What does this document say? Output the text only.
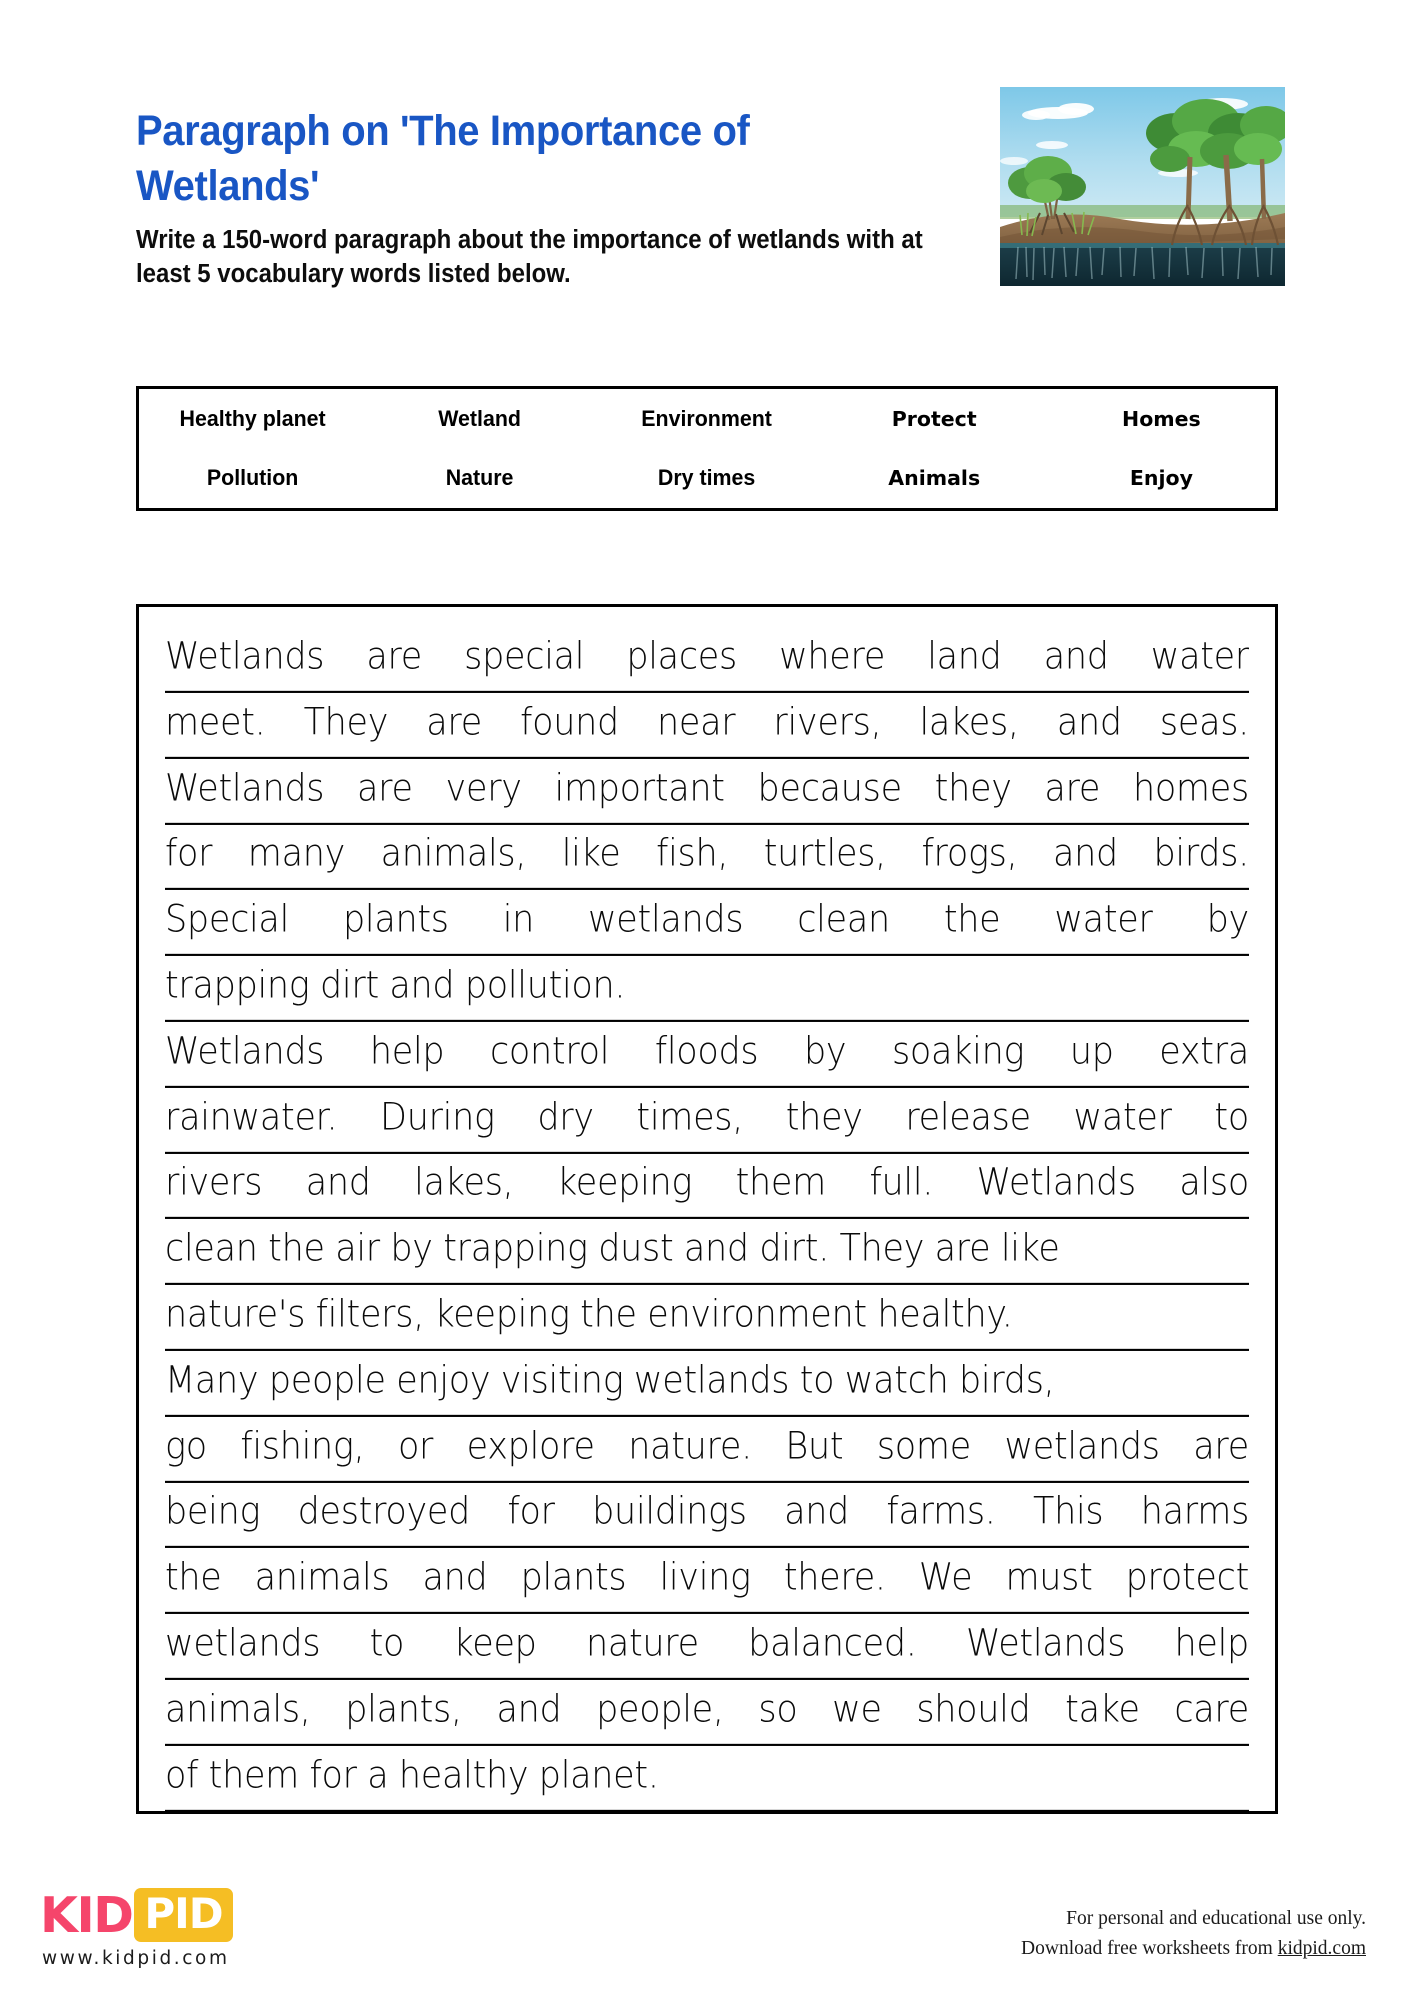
Paragraph on 'The Importance of Wetlands'
Write a 150-word paragraph about the importance of wetlands with at least 5 vocabulary words listed below.
Healthy planet	Wetland	Environment	Protect	Homes
Pollution	Nature	Dry times	Animals	Enjoy
Wetlands are special places where land and water
meet. They are found near rivers, lakes, and seas.
Wetlands are very important because they are homes
for many animals, like fish, turtles, frogs, and birds.
Special plants in wetlands clean the water by
trapping dirt and pollution.
Wetlands help control floods by soaking up extra
rainwater. During dry times, they release water to
rivers and lakes, keeping them full. Wetlands also
clean the air by trapping dust and dirt. They are like
nature's filters, keeping the environment healthy.
Many people enjoy visiting wetlands to watch birds,
go fishing, or explore nature. But some wetlands are
being destroyed for buildings and farms. This harms
the animals and plants living there. We must protect
wetlands to keep nature balanced. Wetlands help
animals, plants, and people, so we should take care
of them for a healthy planet.
KID PID
www.kidpid.com
For personal and educational use only.
Download free worksheets from kidpid.com
